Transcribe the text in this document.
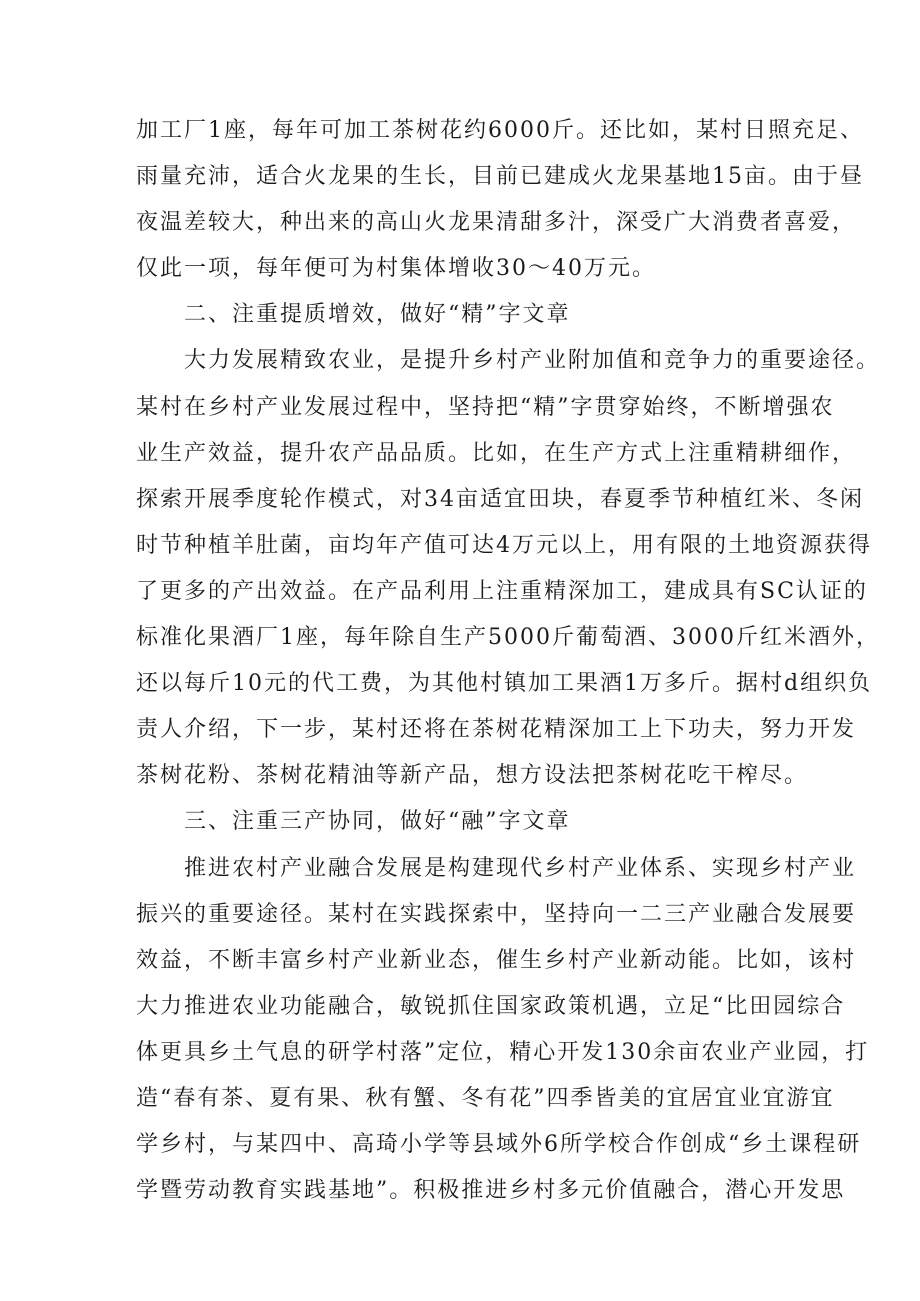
加工厂1座，每年可加工茶树花约6000斤。还比如，某村日照充足、
雨量充沛，适合火龙果的生长，目前已建成火龙果基地15亩。由于昼
夜温差较大，种出来的高山火龙果清甜多汁，深受广大消费者喜爱，
仅此一项，每年便可为村集体增收30〜40万元。
二、注重提质增效，做好“精”字文章
大力发展精致农业，是提升乡村产业附加值和竞争力的重要途径。
某村在乡村产业发展过程中，坚持把“精”字贯穿始终，不断增强农
业生产效益，提升农产品品质。比如，在生产方式上注重精耕细作，
探索开展季度轮作模式，对34亩适宜田块，春夏季节种植红米、冬闲
时节种植羊肚菌，亩均年产值可达4万元以上，用有限的土地资源获得
了更多的产出效益。在产品利用上注重精深加工，建成具有SC认证的
标准化果酒厂1座，每年除自生产5000斤葡萄酒、3000斤红米酒外，
还以每斤10元的代工费，为其他村镇加工果酒1万多斤。据村d组织负
责人介绍，下一步，某村还将在茶树花精深加工上下功夫，努力开发
茶树花粉、茶树花精油等新产品，想方设法把茶树花吃干榨尽。
三、注重三产协同，做好“融”字文章
推进农村产业融合发展是构建现代乡村产业体系、实现乡村产业
振兴的重要途径。某村在实践探索中，坚持向一二三产业融合发展要
效益，不断丰富乡村产业新业态，催生乡村产业新动能。比如，该村
大力推进农业功能融合，敏锐抓住国家政策机遇，立足“比田园综合
体更具乡土气息的研学村落”定位，精心开发130余亩农业产业园，打
造“春有茶、夏有果、秋有蟹、冬有花”四季皆美的宜居宜业宜游宜
学乡村，与某四中、高琦小学等县域外6所学校合作创成“乡土课程研
学暨劳动教育实践基地”。积极推进乡村多元价值融合，潜心开发思
